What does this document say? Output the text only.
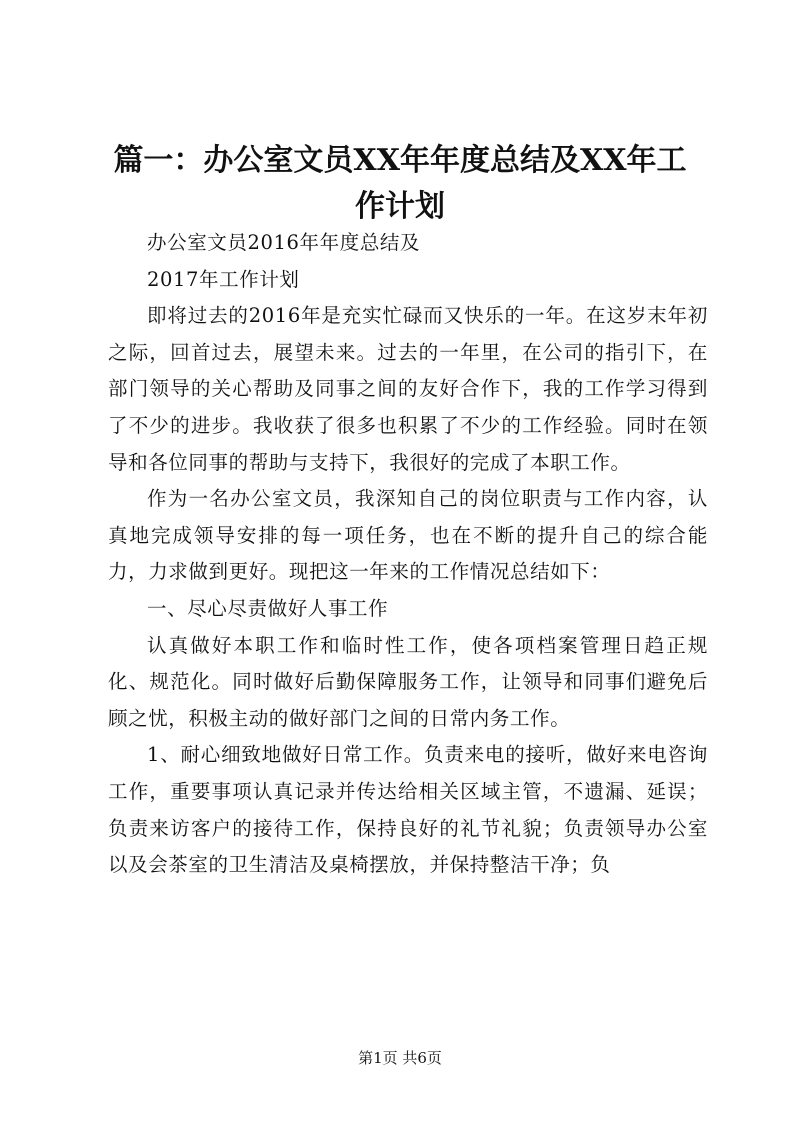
篇一：办公室文员XX年年度总结及XX年工作计划

办公室文员2016年年度总结及

2017年工作计划

即将过去的2016年是充实忙碌而又快乐的一年。在这岁末年初之际，回首过去，展望未来。过去的一年里，在公司的指引下，在部门领导的关心帮助及同事之间的友好合作下，我的工作学习得到了不少的进步。我收获了很多也积累了不少的工作经验。同时在领导和各位同事的帮助与支持下，我很好的完成了本职工作。

作为一名办公室文员，我深知自己的岗位职责与工作内容，认真地完成领导安排的每一项任务，也在不断的提升自己的综合能力，力求做到更好。现把这一年来的工作情况总结如下：

一、尽心尽责做好人事工作

认真做好本职工作和临时性工作，使各项档案管理日趋正规化、规范化。同时做好后勤保障服务工作，让领导和同事们避免后顾之忧，积极主动的做好部门之间的日常内务工作。

1、耐心细致地做好日常工作。负责来电的接听，做好来电咨询工作，重要事项认真记录并传达给相关区域主管，不遗漏、延误；负责来访客户的接待工作，保持良好的礼节礼貌；负责领导办公室以及会茶室的卫生清洁及桌椅摆放，并保持整洁干净；负

第1页 共6页
